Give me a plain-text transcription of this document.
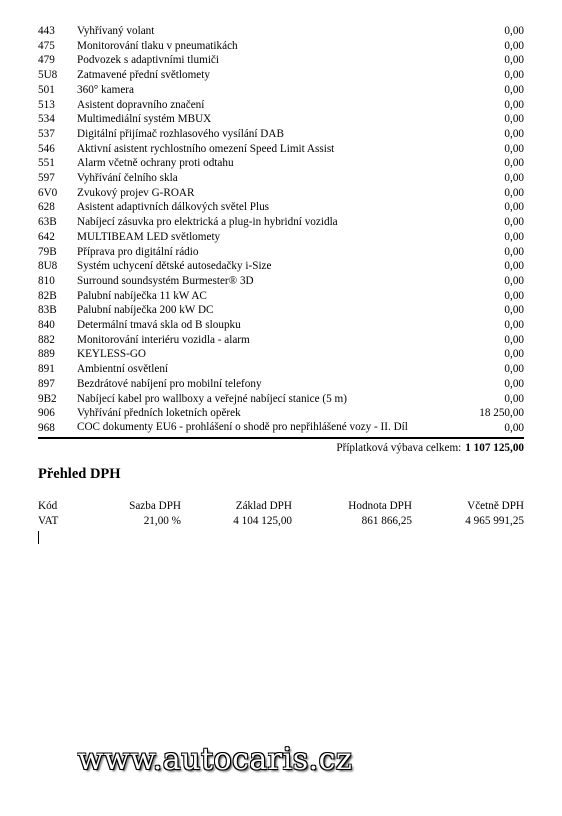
443	Vyhřívaný volant	0,00
475	Monitorování tlaku v pneumatikách	0,00
479	Podvozek s adaptivními tlumiči	0,00
5U8	Zatmavené přední světlomety	0,00
501	360° kamera	0,00
513	Asistent dopravního značení	0,00
534	Multimediální systém MBUX	0,00
537	Digitální přijímač rozhlasového vysílání DAB	0,00
546	Aktivní asistent rychlostního omezení Speed Limit Assist	0,00
551	Alarm včetně ochrany proti odtahu	0,00
597	Vyhřívání čelního skla	0,00
6V0	Zvukový projev G-ROAR	0,00
628	Asistent adaptivních dálkových světel Plus	0,00
63B	Nabíjecí zásuvka pro elektrická a plug-in hybridní vozidla	0,00
642	MULTIBEAM LED světlomety	0,00
79B	Příprava pro digitální rádio	0,00
8U8	Systém uchycení dětské autosedačky i-Size	0,00
810	Surround soundsystém Burmester® 3D	0,00
82B	Palubní nabíječka 11 kW AC	0,00
83B	Palubní nabíječka 200 kW DC	0,00
840	Determální tmavá skla od B sloupku	0,00
882	Monitorování interiéru vozidla - alarm	0,00
889	KEYLESS-GO	0,00
891	Ambientní osvětlení	0,00
897	Bezdrátové nabíjení pro mobilní telefony	0,00
9B2	Nabíjecí kabel pro wallboxy a veřejné nabíjecí stanice (5 m)	0,00
906	Vyhřívání předních loketních opěrek	18 250,00
968	COC dokumenty EU6 - prohlášení o shodě pro nepřihlášené vozy - II. Díl	0,00
Příplatková výbava celkem: 1 107 125,00
Přehled DPH
Kód	Sazba DPH	Základ DPH	Hodnota DPH	Včetně DPH
VAT	21,00 %	4 104 125,00	861 866,25	4 965 991,25
www.autocaris.cz
